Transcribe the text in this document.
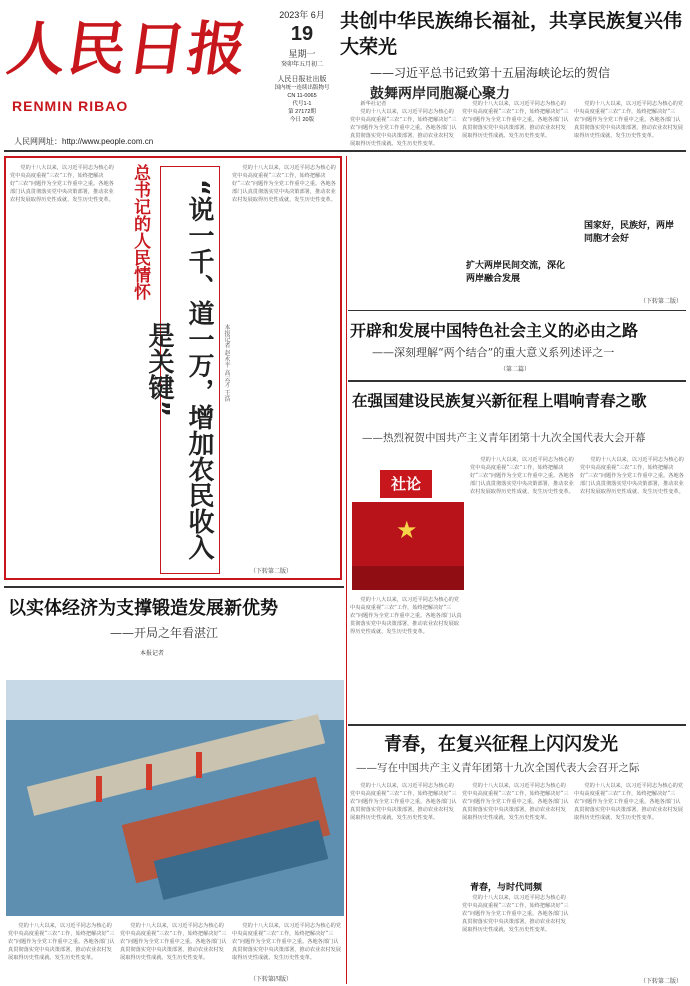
人民日报
RENMIN RIBAO
人民网网址：http://www.people.com.cn
2023年 6月
19
星期一
癸卯年五月初二
人民日报社出版
国内统一连续出版物号
CN 11-0065
代号1-1
第 27172期
今日 20版
共创中华民族绵长福祉，共享民族复兴伟大荣光
——习近平总书记致第十五届海峡论坛的贺信
鼓舞两岸同胞凝心聚力
总书记的人民情怀	“说一千、道一万，增加农民收入是关键”	本报记者 赵永平 高云才 王浩

党的十八大以来，以习近平同志为核心的党中央高度重视“三农”工作，始终把解决好“三农”问题作为全党工作重中之重。各地各部门认真贯彻落实党中央决策部署，推动农业农村发展取得历史性成就、发生历史性变革。

党的十八大以来，以习近平同志为核心的党中央高度重视“三农”工作，始终把解决好“三农”问题作为全党工作重中之重。各地各部门认真贯彻落实党中央决策部署，推动农业农村发展取得历史性成就、发生历史性变革。

（下转第二版）

新华社记者

党的十八大以来，以习近平同志为核心的党中央高度重视“三农”工作，始终把解决好“三农”问题作为全党工作重中之重。各地各部门认真贯彻落实党中央决策部署，推动农业农村发展取得历史性成就、发生历史性变革。

党的十八大以来，以习近平同志为核心的党中央高度重视“三农”工作，始终把解决好“三农”问题作为全党工作重中之重。各地各部门认真贯彻落实党中央决策部署，推动农业农村发展取得历史性成就、发生历史性变革。

扩大两岸民间交流，深化两岸融合发展

党的十八大以来，以习近平同志为核心的党中央高度重视“三农”工作，始终把解决好“三农”问题作为全党工作重中之重。各地各部门认真贯彻落实党中央决策部署，推动农业农村发展取得历史性成就、发生历史性变革。

国家好，民族好，两岸同胞才会好
（下转第二版）
开辟和发展中国特色社会主义的必由之路
——深刻理解“两个结合”的重大意义系列述评之一
（第二篇）
在强国建设民族复兴新征程上唱响青春之歌
——热烈祝贺中国共产主义青年团第十九次全国代表大会开幕
社论
★

党的十八大以来，以习近平同志为核心的党中央高度重视“三农”工作，始终把解决好“三农”问题作为全党工作重中之重。各地各部门认真贯彻落实党中央决策部署，推动农业农村发展取得历史性成就、发生历史性变革。

党的十八大以来，以习近平同志为核心的党中央高度重视“三农”工作，始终把解决好“三农”问题作为全党工作重中之重。各地各部门认真贯彻落实党中央决策部署，推动农业农村发展取得历史性成就、发生历史性变革。

党的十八大以来，以习近平同志为核心的党中央高度重视“三农”工作，始终把解决好“三农”问题作为全党工作重中之重。各地各部门认真贯彻落实党中央决策部署，推动农业农村发展取得历史性成就、发生历史性变革。

以实体经济为支撑锻造发展新优势
——开局之年看湛江
本报记者

党的十八大以来，以习近平同志为核心的党中央高度重视“三农”工作，始终把解决好“三农”问题作为全党工作重中之重。各地各部门认真贯彻落实党中央决策部署，推动农业农村发展取得历史性成就、发生历史性变革。

党的十八大以来，以习近平同志为核心的党中央高度重视“三农”工作，始终把解决好“三农”问题作为全党工作重中之重。各地各部门认真贯彻落实党中央决策部署，推动农业农村发展取得历史性成就、发生历史性变革。

党的十八大以来，以习近平同志为核心的党中央高度重视“三农”工作，始终把解决好“三农”问题作为全党工作重中之重。各地各部门认真贯彻落实党中央决策部署，推动农业农村发展取得历史性成就、发生历史性变革。

（下转第四版）
青春，在复兴征程上闪闪发光
——写在中国共产主义青年团第十九次全国代表大会召开之际

党的十八大以来，以习近平同志为核心的党中央高度重视“三农”工作，始终把解决好“三农”问题作为全党工作重中之重。各地各部门认真贯彻落实党中央决策部署，推动农业农村发展取得历史性成就、发生历史性变革。

党的十八大以来，以习近平同志为核心的党中央高度重视“三农”工作，始终把解决好“三农”问题作为全党工作重中之重。各地各部门认真贯彻落实党中央决策部署，推动农业农村发展取得历史性成就、发生历史性变革。

青春，与时代同频

党的十八大以来，以习近平同志为核心的党中央高度重视“三农”工作，始终把解决好“三农”问题作为全党工作重中之重。各地各部门认真贯彻落实党中央决策部署，推动农业农村发展取得历史性成就、发生历史性变革。

党的十八大以来，以习近平同志为核心的党中央高度重视“三农”工作，始终把解决好“三农”问题作为全党工作重中之重。各地各部门认真贯彻落实党中央决策部署，推动农业农村发展取得历史性成就、发生历史性变革。

（下转第二版）
